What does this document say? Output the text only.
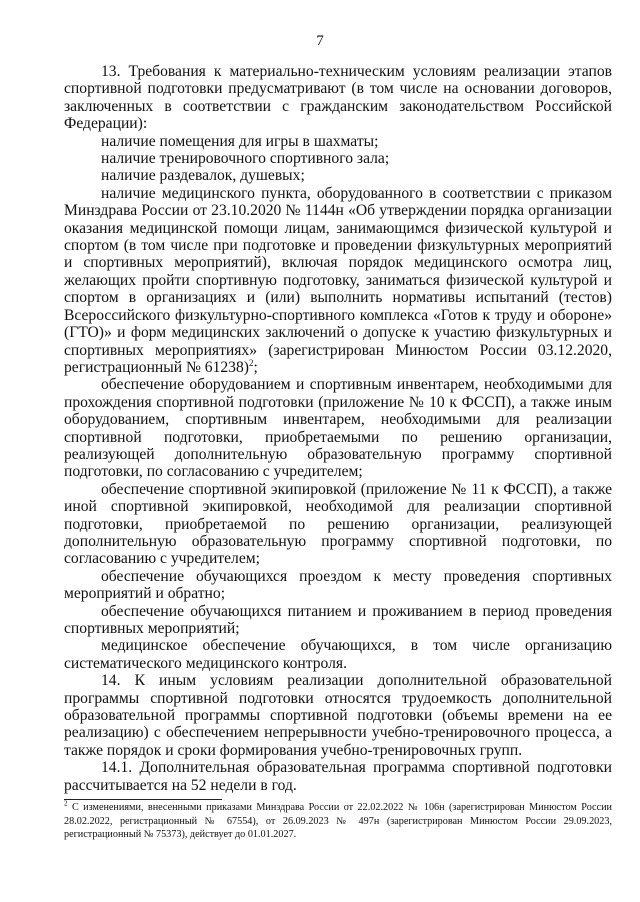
7

13. Требования к материально-техническим условиям реализации этапов спортивной подготовки предусматривают (в том числе на основании договоров, заключенных в соответствии с гражданским законодательством Российской Федерации):

наличие помещения для игры в шахматы;

наличие тренировочного спортивного зала;

наличие раздевалок, душевых;

наличие медицинского пункта, оборудованного в соответствии с приказом Минздрава России от 23.10.2020 № 1144н «Об утверждении порядка организации оказания медицинской помощи лицам, занимающимся физической культурой и спортом (в том числе при подготовке и проведении физкультурных мероприятий и спортивных мероприятий), включая порядок медицинского осмотра лиц, желающих пройти спортивную подготовку, заниматься физической культурой и спортом в организациях и (или) выполнить нормативы испытаний (тестов) Всероссийского физкультурно-спортивного комплекса «Готов к труду и обороне» (ГТО)» и форм медицинских заключений о допуске к участию физкультурных и спортивных мероприятиях» (зарегистрирован Минюстом России 03.12.2020, регистрационный № 61238)$^2$;

обеспечение оборудованием и спортивным инвентарем, необходимыми для прохождения спортивной подготовки (приложение № 10 к ФССП), а также иным оборудованием, спортивным инвентарем, необходимыми для реализации спортивной подготовки, приобретаемыми по решению организации, реализующей дополнительную образовательную программу спортивной подготовки, по согласованию с учредителем;

обеспечение спортивной экипировкой (приложение № 11 к ФССП), а также иной спортивной экипировкой, необходимой для реализации спортивной подготовки, приобретаемой по решению организации, реализующей дополнительную образовательную программу спортивной подготовки, по согласованию с учредителем;

обеспечение обучающихся проездом к месту проведения спортивных мероприятий и обратно;

обеспечение обучающихся питанием и проживанием в период проведения спортивных мероприятий;

медицинское обеспечение обучающихся, в том числе организацию систематического медицинского контроля.

14. К иным условиям реализации дополнительной образовательной программы спортивной подготовки относятся трудоемкость дополнительной образовательной программы спортивной подготовки (объемы времени на ее реализацию) с обеспечением непрерывности учебно-тренировочного процесса, а также порядок и сроки формирования учебно-тренировочных групп.

14.1. Дополнительная образовательная программа спортивной подготовки рассчитывается на 52 недели в год.

$^2$ С изменениями, внесенными приказами Минздрава России от 22.02.2022 № 106н (зарегистрирован Минюстом России 28.02.2022, регистрационный № 67554), от 26.09.2023 № 497н (зарегистрирован Минюстом России 29.09.2023, регистрационный № 75373), действует до 01.01.2027.
